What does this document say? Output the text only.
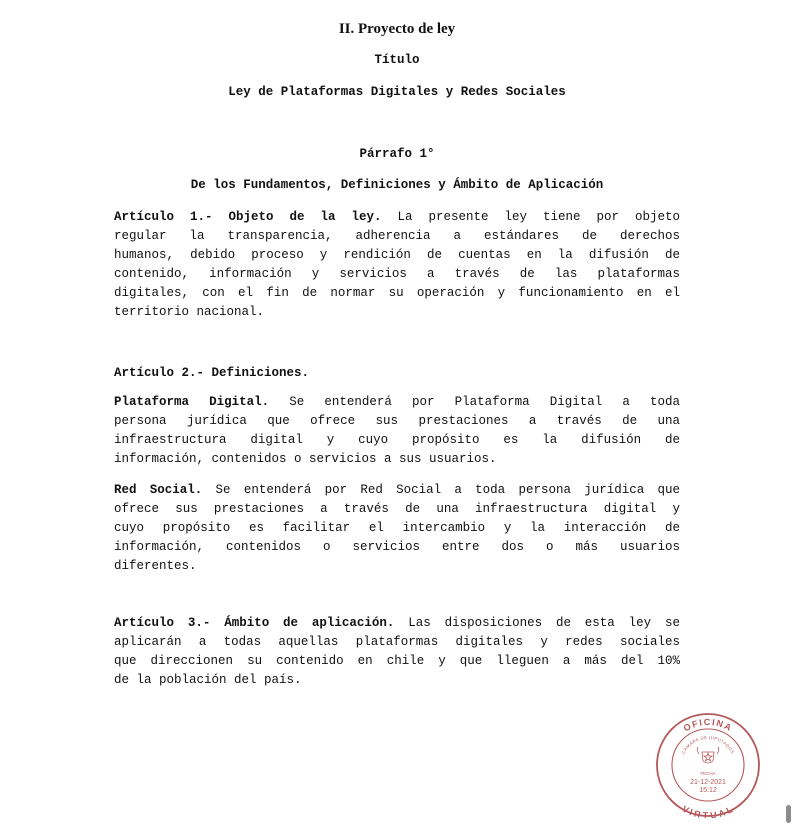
II. Proyecto de ley
Título
Ley de Plataformas Digitales y Redes Sociales
Párrafo 1°
De los Fundamentos, Definiciones y Ámbito de Aplicación
Artículo 1.- Objeto de la ley. La presente ley tiene por objeto
regular la transparencia, adherencia a estándares de derechos
humanos, debido proceso y rendición de cuentas en la difusión de
contenido, información y servicios a través de las plataformas
digitales, con el fin de normar su operación y funcionamiento en el
territorio nacional.
Artículo 2.- Definiciones.
Plataforma Digital. Se entenderá por Plataforma Digital a toda
persona jurídica que ofrece sus prestaciones a través de una
infraestructura digital y cuyo propósito es la difusión de
información, contenidos o servicios a sus usuarios.
Red Social. Se entenderá por Red Social a toda persona jurídica que
ofrece sus prestaciones a través de una infraestructura digital y
cuyo propósito es facilitar el intercambio y la interacción de
información, contenidos o servicios entre dos o más usuarios
diferentes.
Artículo 3.- Ámbito de aplicación. Las disposiciones de esta ley se
aplicarán a todas aquellas plataformas digitales y redes sociales
que direccionen su contenido en chile y que lleguen a más del 10%
de la población del país.
OFICINA
VIRTUAL
CAMARA DE DIPUTADOS
FECHA
21-12-2021
15:12
